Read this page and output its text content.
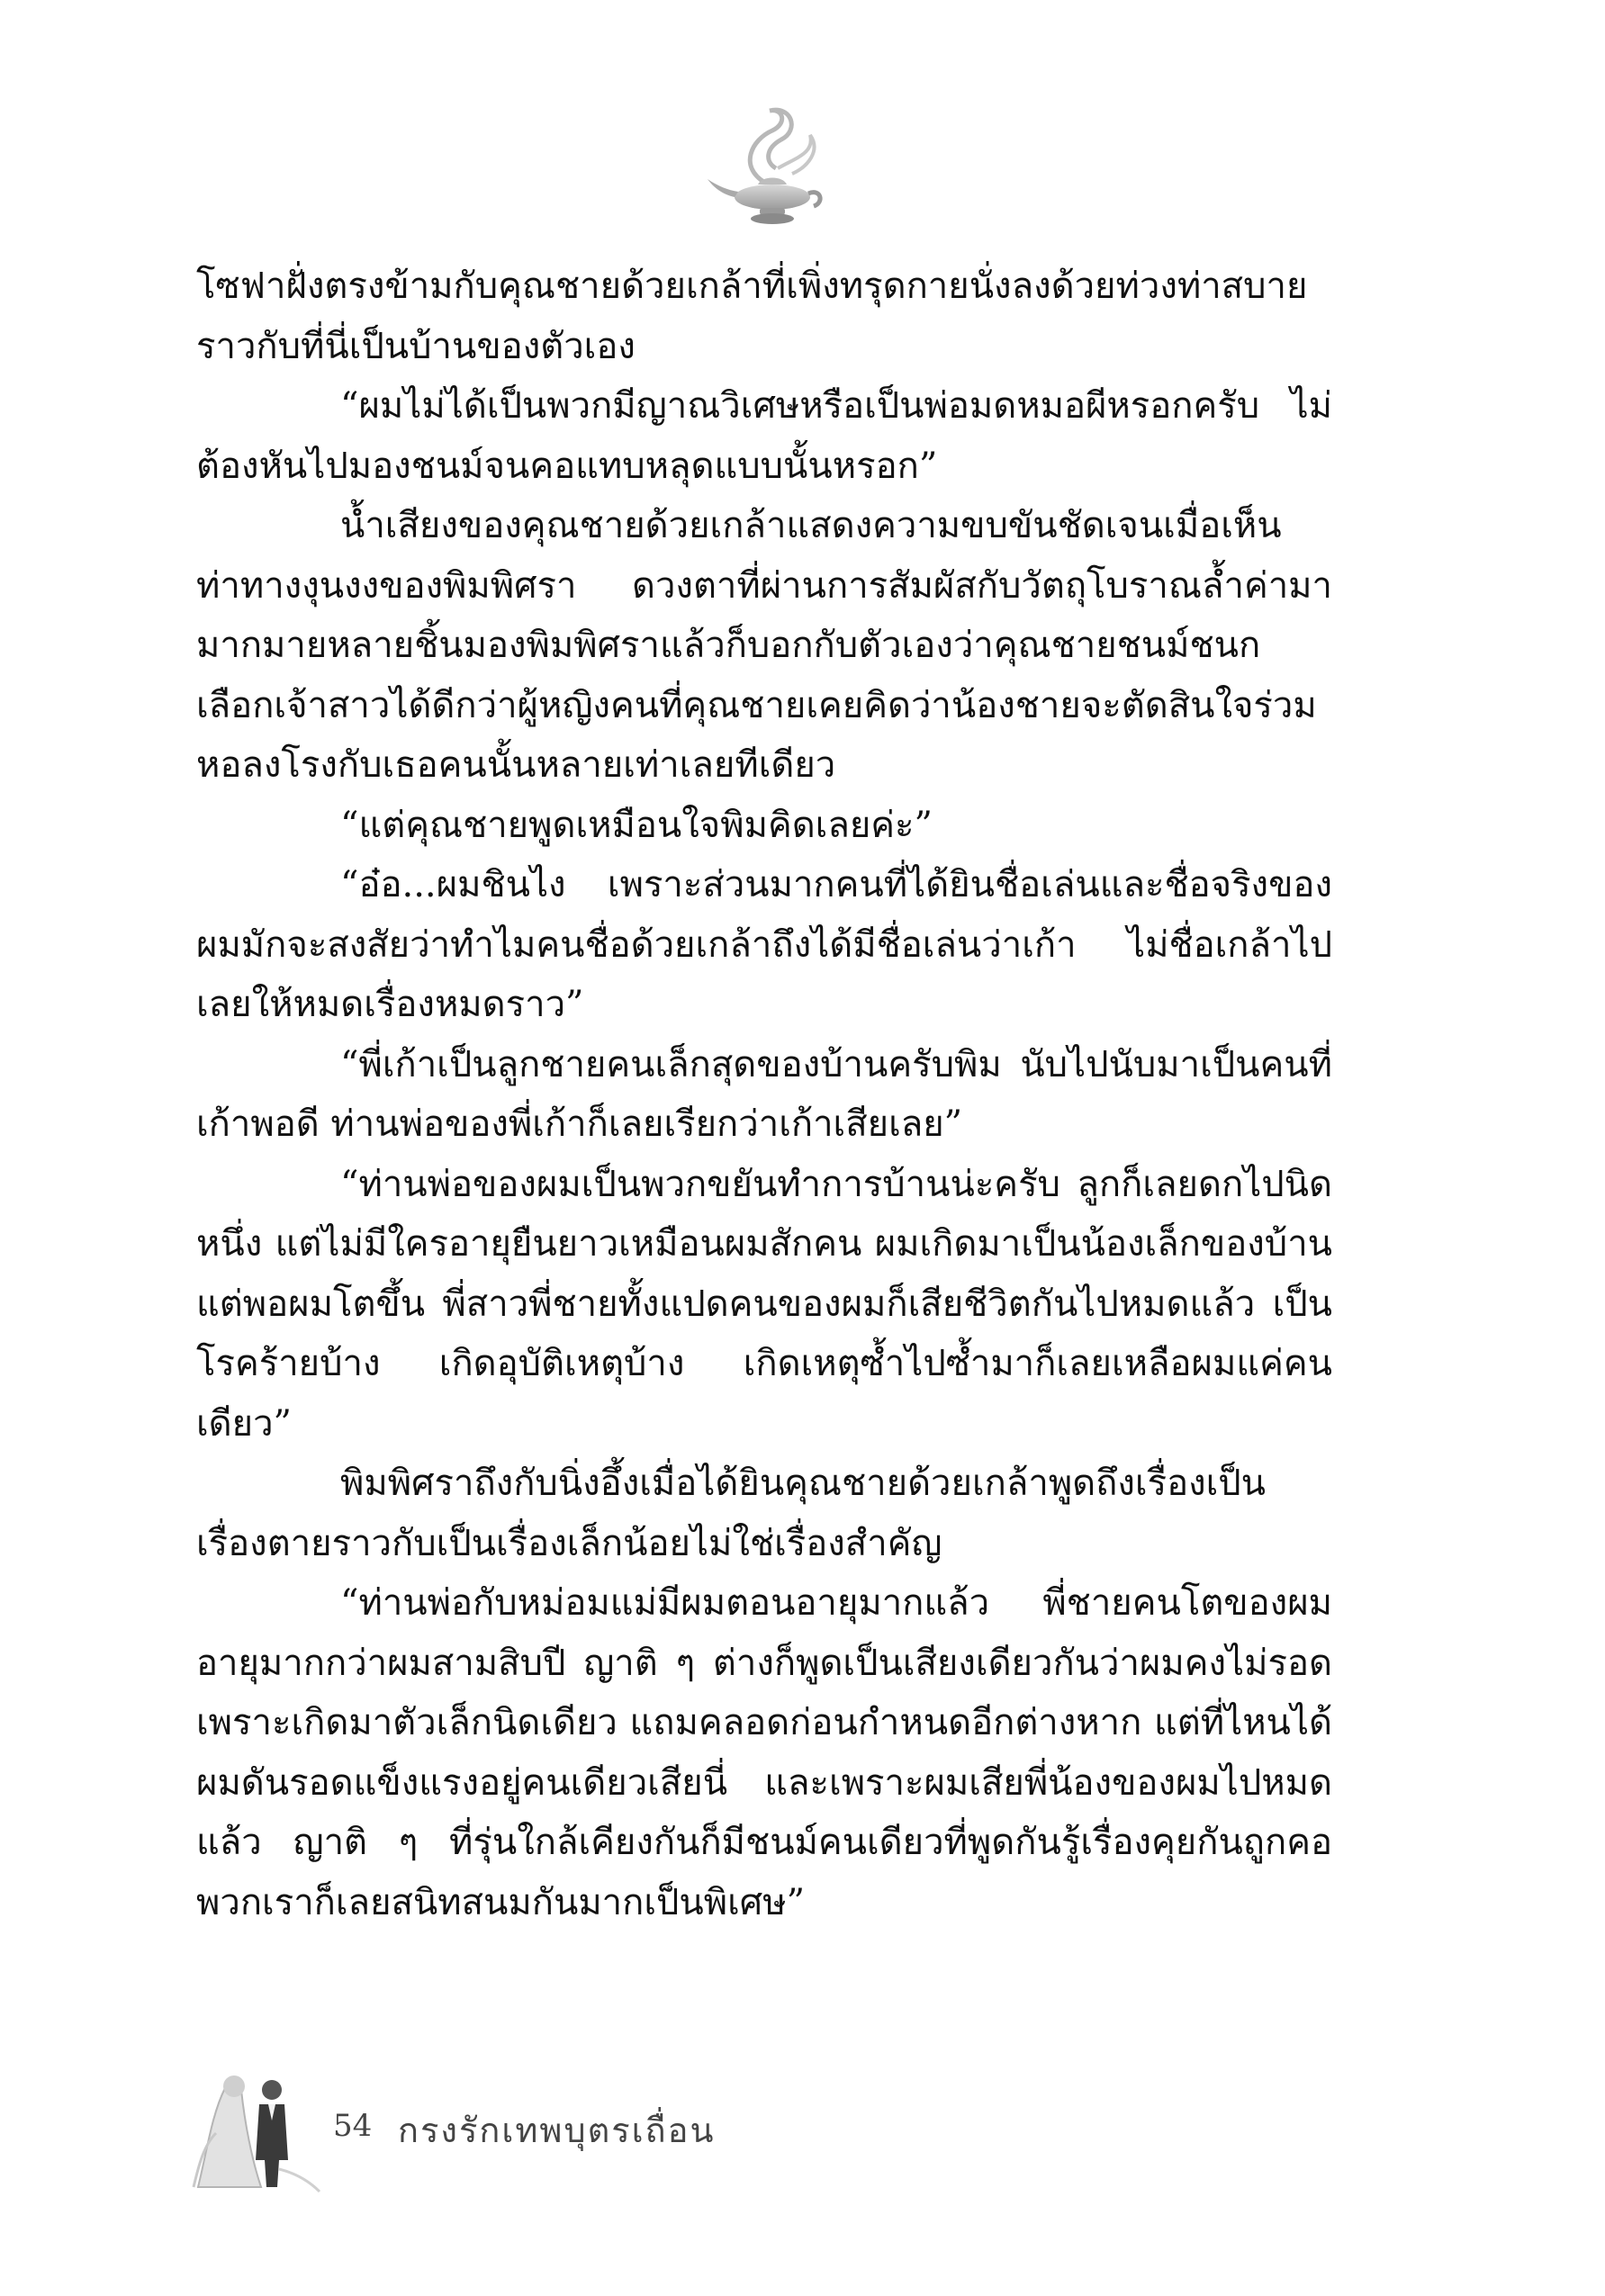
โซฟาฝั่งตรงข้ามกับคุณชายด้วยเกล้าที่เพิ่งทรุดกายนั่งลงด้วยท่วงท่าสบายราวกับที่นี่เป็นบ้านของตัวเอง

“ผมไม่ได้เป็นพวกมีญาณวิเศษหรือเป็นพ่อมดหมอผีหรอกครับ ไม่ต้องหันไปมองชนม์จนคอแทบหลุดแบบนั้นหรอก”

น้ำเสียงของคุณชายด้วยเกล้าแสดงความขบขันชัดเจนเมื่อเห็นท่าทางงุนงงของพิมพิศรา ดวงตาที่ผ่านการสัมผัสกับวัตถุโบราณล้ำค่ามามากมายหลายชิ้นมองพิมพิศราแล้วก็บอกกับตัวเองว่าคุณชายชนม์ชนกเลือกเจ้าสาวได้ดีกว่าผู้หญิงคนที่คุณชายเคยคิดว่าน้องชายจะตัดสินใจร่วมหอลงโรงกับเธอคนนั้นหลายเท่าเลยทีเดียว

“แต่คุณชายพูดเหมือนใจพิมคิดเลยค่ะ”

“อ๋อ...ผมชินไง เพราะส่วนมากคนที่ได้ยินชื่อเล่นและชื่อจริงของผมมักจะสงสัยว่าทำไมคนชื่อด้วยเกล้าถึงได้มีชื่อเล่นว่าเก้า ไม่ชื่อเกล้าไปเลยให้หมดเรื่องหมดราว”

“พี่เก้าเป็นลูกชายคนเล็กสุดของบ้านครับพิม นับไปนับมาเป็นคนที่เก้าพอดี ท่านพ่อของพี่เก้าก็เลยเรียกว่าเก้าเสียเลย”

“ท่านพ่อของผมเป็นพวกขยันทำการบ้านน่ะครับ ลูกก็เลยดกไปนิดหนึ่ง แต่ไม่มีใครอายุยืนยาวเหมือนผมสักคน ผมเกิดมาเป็นน้องเล็กของบ้าน แต่พอผมโตขึ้น พี่สาวพี่ชายทั้งแปดคนของผมก็เสียชีวิตกันไปหมดแล้ว เป็นโรคร้ายบ้าง เกิดอุบัติเหตุบ้าง เกิดเหตุซ้ำไปซ้ำมาก็เลยเหลือผมแค่คนเดียว”

พิมพิศราถึงกับนิ่งอึ้งเมื่อได้ยินคุณชายด้วยเกล้าพูดถึงเรื่องเป็นเรื่องตายราวกับเป็นเรื่องเล็กน้อยไม่ใช่เรื่องสำคัญ

“ท่านพ่อกับหม่อมแม่มีผมตอนอายุมากแล้ว พี่ชายคนโตของผมอายุมากกว่าผมสามสิบปี ญาติ ๆ ต่างก็พูดเป็นเสียงเดียวกันว่าผมคงไม่รอดเพราะเกิดมาตัวเล็กนิดเดียว แถมคลอดก่อนกำหนดอีกต่างหาก แต่ที่ไหนได้ผมดันรอดแข็งแรงอยู่คนเดียวเสียนี่ และเพราะผมเสียพี่น้องของผมไปหมดแล้ว ญาติ ๆ ที่รุ่นใกล้เคียงกันก็มีชนม์คนเดียวที่พูดกันรู้เรื่องคุยกันถูกคอ พวกเราก็เลยสนิทสนมกันมากเป็นพิเศษ”

54 กรงรักเทพบุตรเถื่อน
